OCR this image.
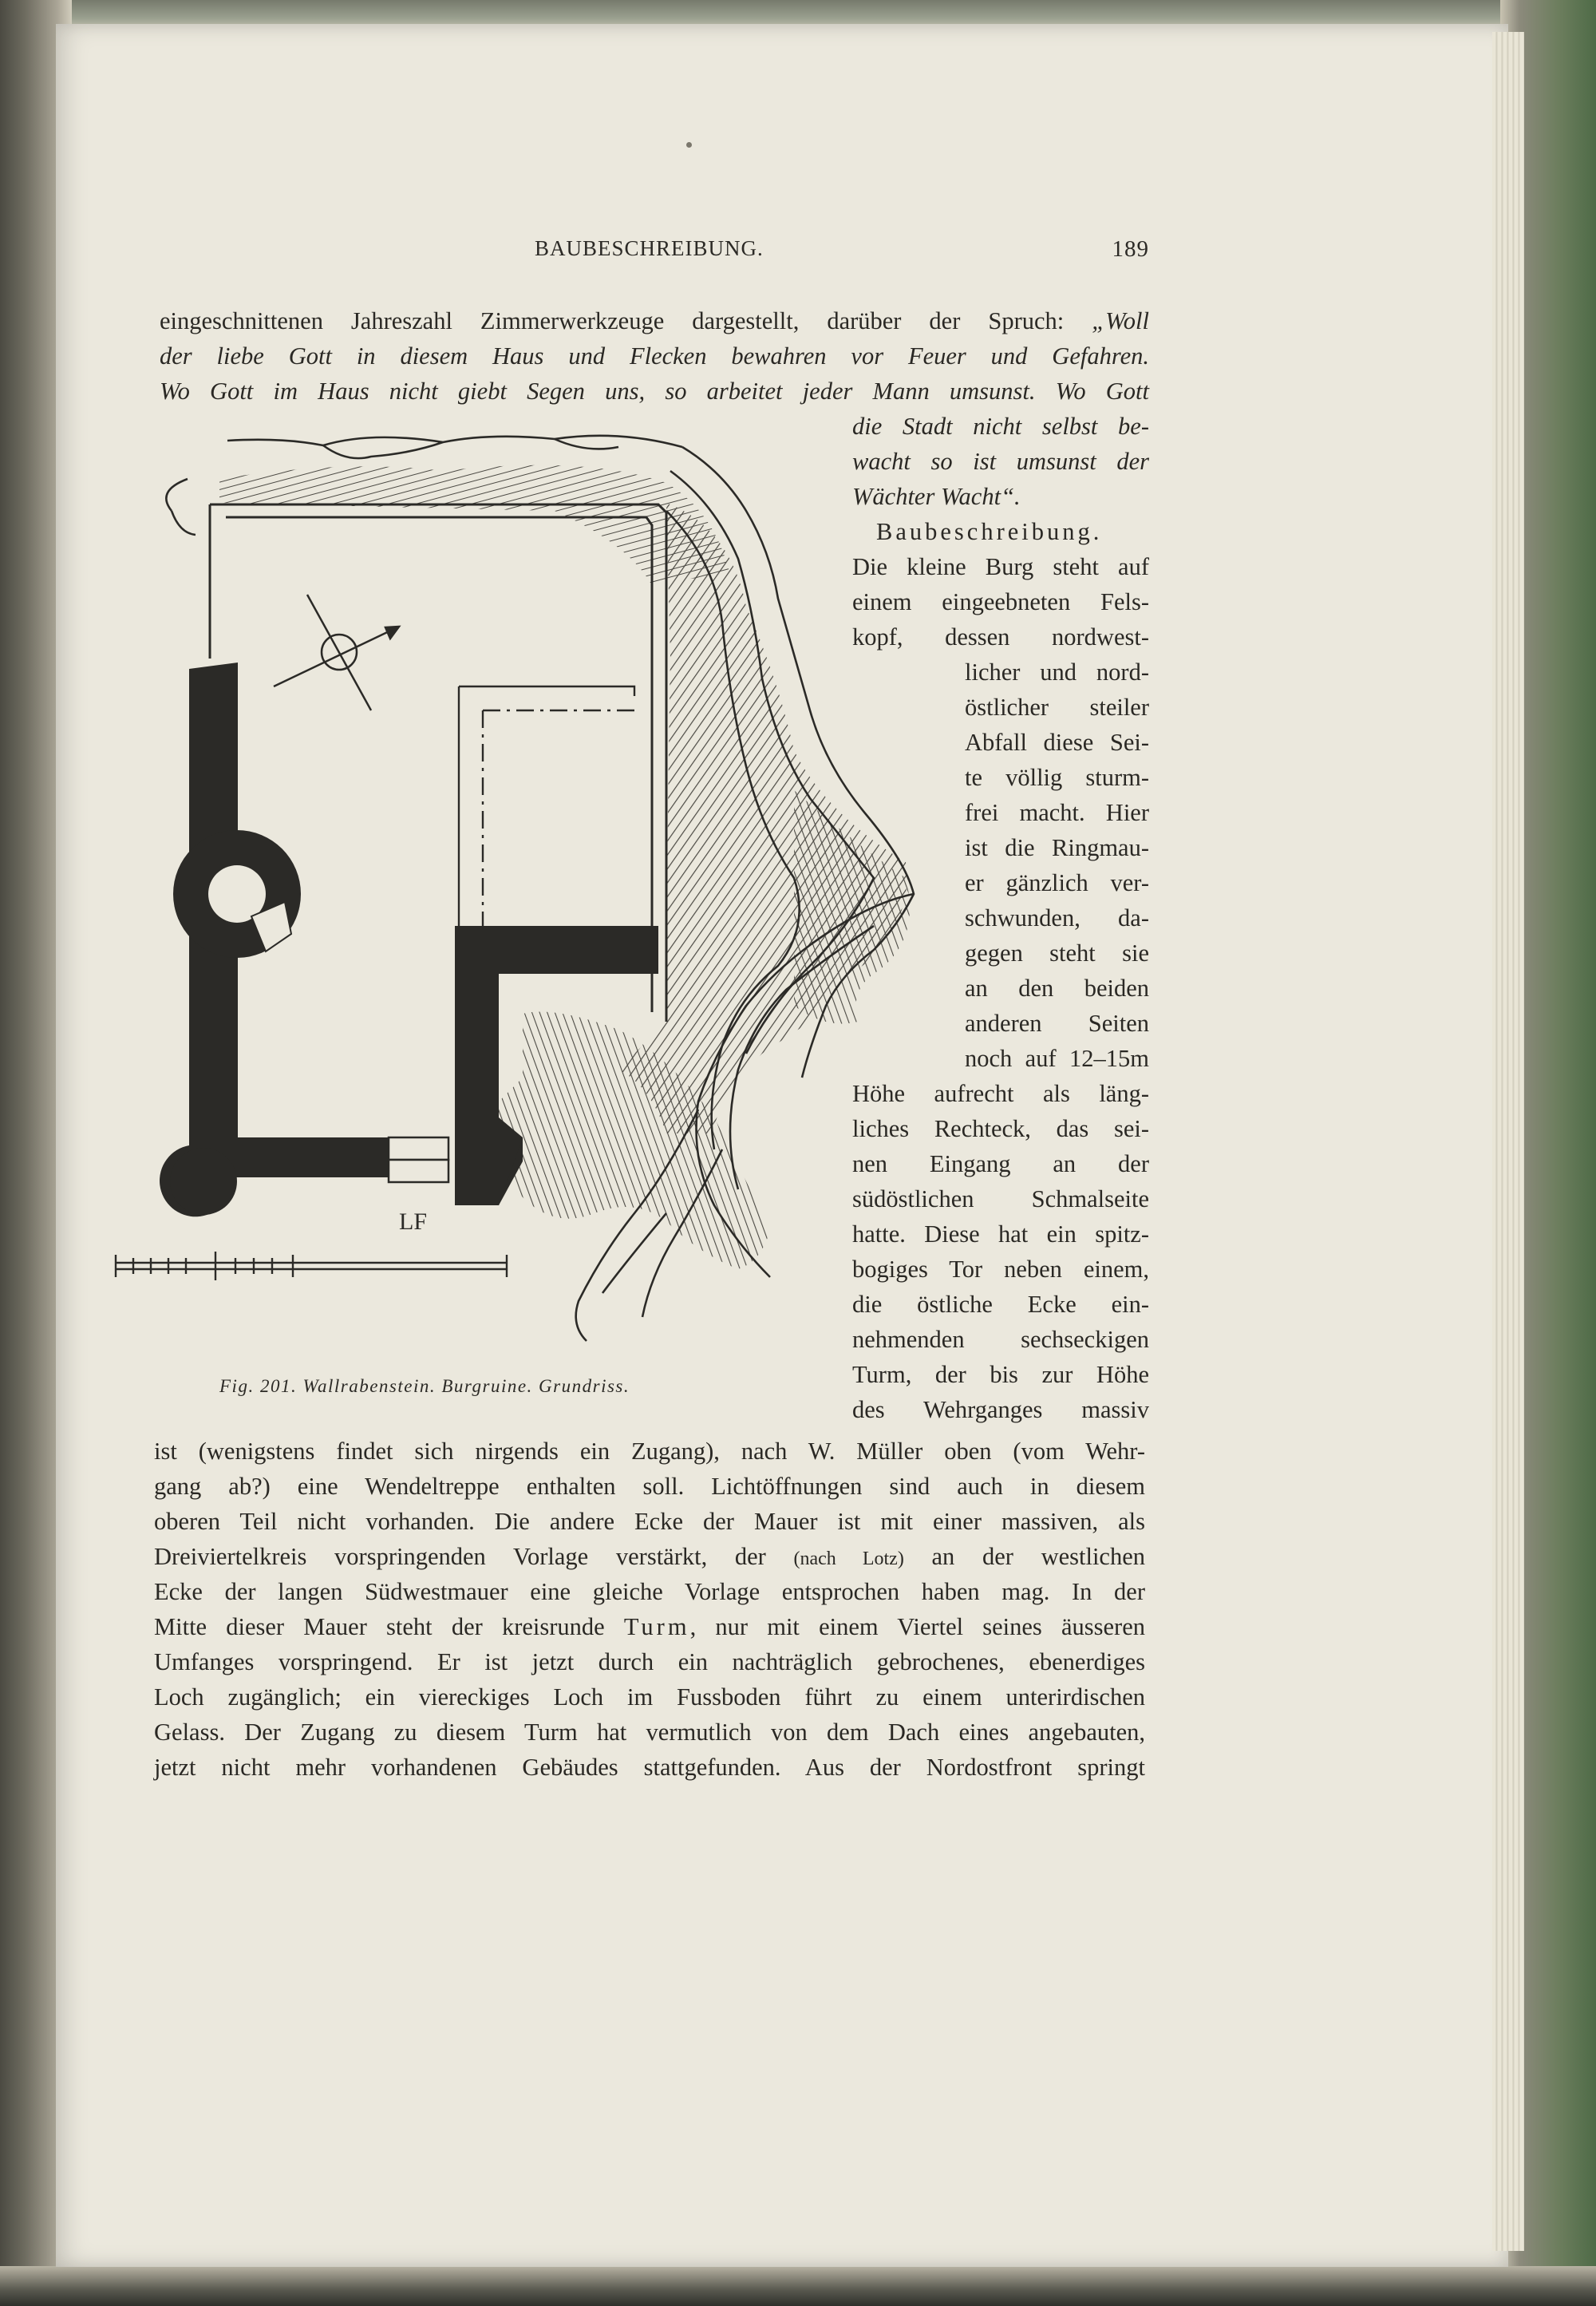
BAUBESCHREIBUNG.	189
eingeschnittenen Jahreszahl Zimmerwerkzeuge dargestellt, darüber der Spruch: „Woll
der liebe Gott in diesem Haus und Flecken bewahren vor Feuer und Gefahren.
Wo Gott im Haus nicht giebt Segen uns, so arbeitet jeder Mann umsunst. Wo Gott
die Stadt nicht selbst be-
wacht so ist umsunst der
Wächter Wacht“.
Baubeschreibung.
Die kleine Burg steht auf
einem eingeebneten Fels-
kopf, dessen nordwest-
licher und nord-
östlicher steiler
Abfall diese Sei-
te völlig sturm-
frei macht. Hier
ist die Ringmau-
er gänzlich ver-
schwunden, da-
gegen steht sie
an den beiden
anderen Seiten
noch auf 12–15m
Höhe aufrecht als läng-
liches Rechteck, das sei-
nen Eingang an der
südöstlichen Schmalseite
hatte. Diese hat ein spitz-
bogiges Tor neben einem,
die östliche Ecke ein-
nehmenden sechseckigen
Turm, der bis zur Höhe
des Wehrganges massiv
ist (wenigstens findet sich nirgends ein Zugang), nach W. Müller oben (vom Wehr-
gang ab?) eine Wendeltreppe enthalten soll. Lichtöffnungen sind auch in diesem
oberen Teil nicht vorhanden. Die andere Ecke der Mauer ist mit einer massiven, als
Dreiviertelkreis vorspringenden Vorlage verstärkt, der (nach Lotz) an der westlichen
Ecke der langen Südwestmauer eine gleiche Vorlage entsprochen haben mag. In der
Mitte dieser Mauer steht der kreisrunde Turm, nur mit einem Viertel seines äusseren
Umfanges vorspringend. Er ist jetzt durch ein nachträglich gebrochenes, ebenerdiges
Loch zugänglich; ein viereckiges Loch im Fussboden führt zu einem unterirdischen
Gelass. Der Zugang zu diesem Turm hat vermutlich von dem Dach eines angebauten,
jetzt nicht mehr vorhandenen Gebäudes stattgefunden. Aus der Nordostfront springt
LF
Fig. 201. Wallrabenstein. Burgruine. Grundriss.
